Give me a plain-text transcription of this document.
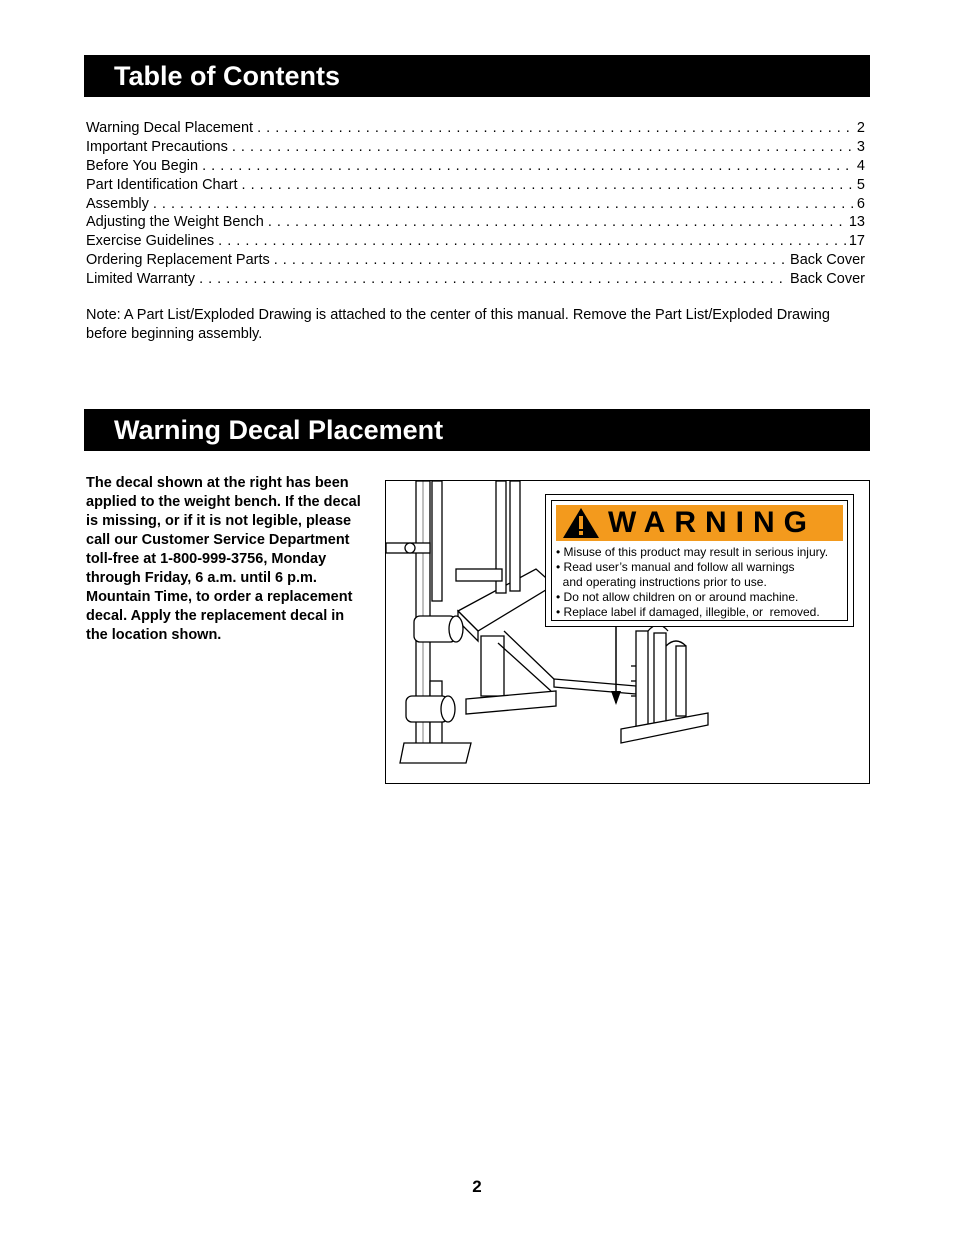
Table of Contents
Warning Decal Placement . . .	2
Important Precautions . . .	3
Before You Begin . . .	4
Part Identification Chart . . .	5
Assembly . . .	6
Adjusting the Weight Bench . . .	13
Exercise Guidelines . . .	17
Ordering Replacement Parts . . .	Back Cover
Limited Warranty . . .	Back Cover
Note: A Part List/Exploded Drawing is attached to the center of this manual. Remove the Part List/Exploded Drawing before beginning assembly.
Warning Decal Placement
The decal shown at the right has been applied to the weight bench. If the decal is missing, or if it is not legible, please call our Customer Service Department toll-free at 1-800-999-3756, Monday through Friday, 6 a.m. until 6 p.m. Mountain Time, to order a replacement decal. Apply the replacement decal in the location shown.
WARNING
• Misuse of this product may result in serious injury.
• Read user’s manual and follow all warnings
and operating instructions prior to use.
• Do not allow children on or around machine.
• Replace label if damaged, illegible, or  removed.
2
